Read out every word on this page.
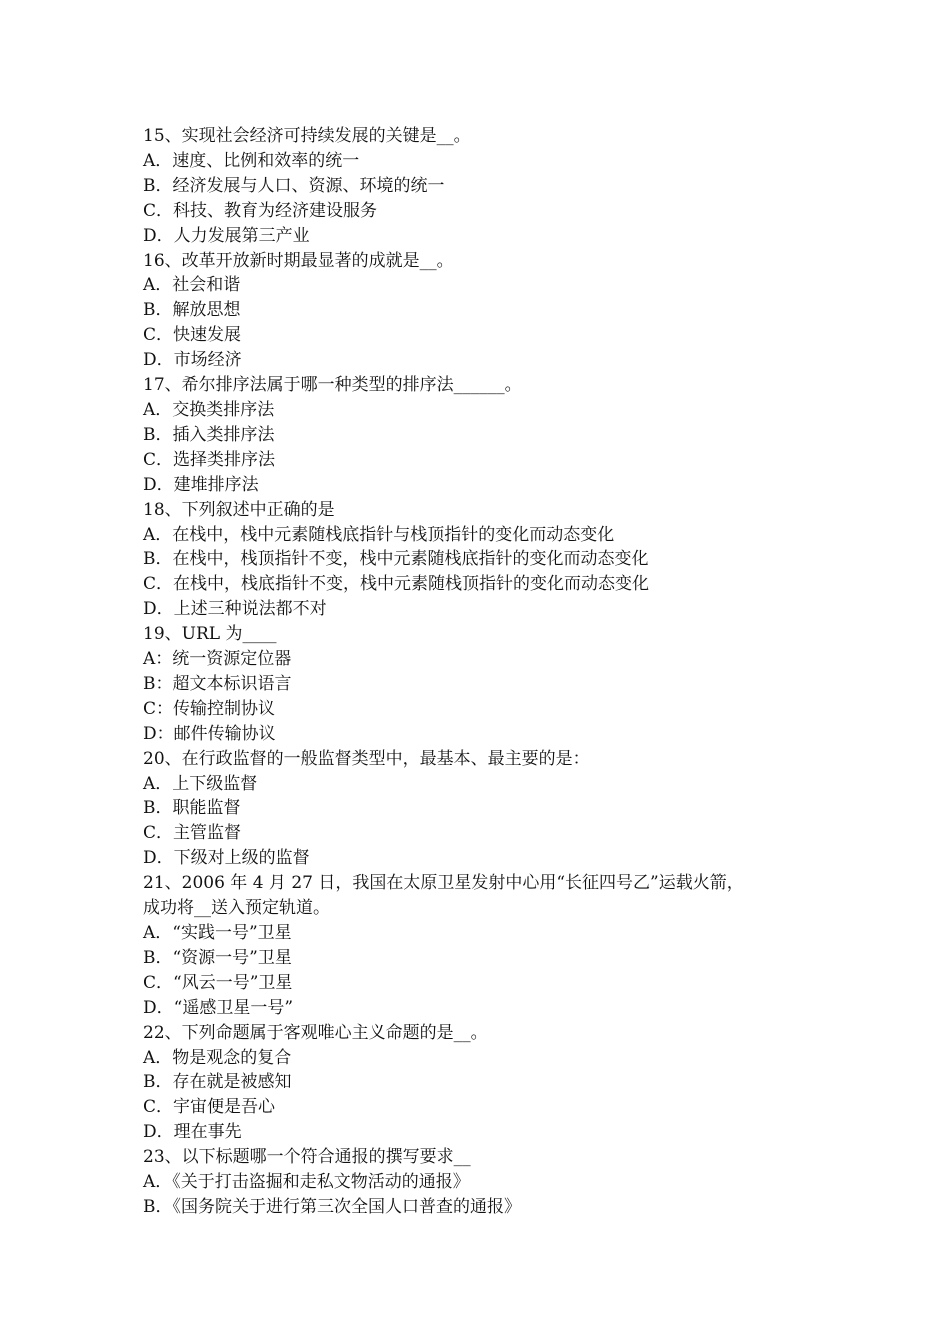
15、实现社会经济可持续发展的关键是__。
A．速度、比例和效率的统一
B．经济发展与人口、资源、环境的统一
C．科技、教育为经济建设服务
D．人力发展第三产业
16、改革开放新时期最显著的成就是__。
A．社会和谐
B．解放思想
C．快速发展
D．市场经济
17、希尔排序法属于哪一种类型的排序法______。
A．交换类排序法
B．插入类排序法
C．选择类排序法
D．建堆排序法
18、下列叙述中正确的是
A．在栈中，栈中元素随栈底指针与栈顶指针的变化而动态变化
B．在栈中，栈顶指针不变，栈中元素随栈底指针的变化而动态变化
C．在栈中，栈底指针不变，栈中元素随栈顶指针的变化而动态变化
D．上述三种说法都不对
19、URL 为____
A：统一资源定位器
B：超文本标识语言
C：传输控制协议
D：邮件传输协议
20、在行政监督的一般监督类型中，最基本、最主要的是：
A．上下级监督
B．职能监督
C．主管监督
D．下级对上级的监督
21、2006 年 4 月 27 日，我国在太原卫星发射中心用“长征四号乙”运载火箭，
成功将__送入预定轨道。
A．“实践一号”卫星
B．“资源一号”卫星
C．“风云一号”卫星
D．“遥感卫星一号”
22、下列命题属于客观唯心主义命题的是__。
A．物是观念的复合
B．存在就是被感知
C．宇宙便是吾心
D．理在事先
23、以下标题哪一个符合通报的撰写要求__
A．《关于打击盗掘和走私文物活动的通报》
B．《国务院关于进行第三次全国人口普查的通报》
